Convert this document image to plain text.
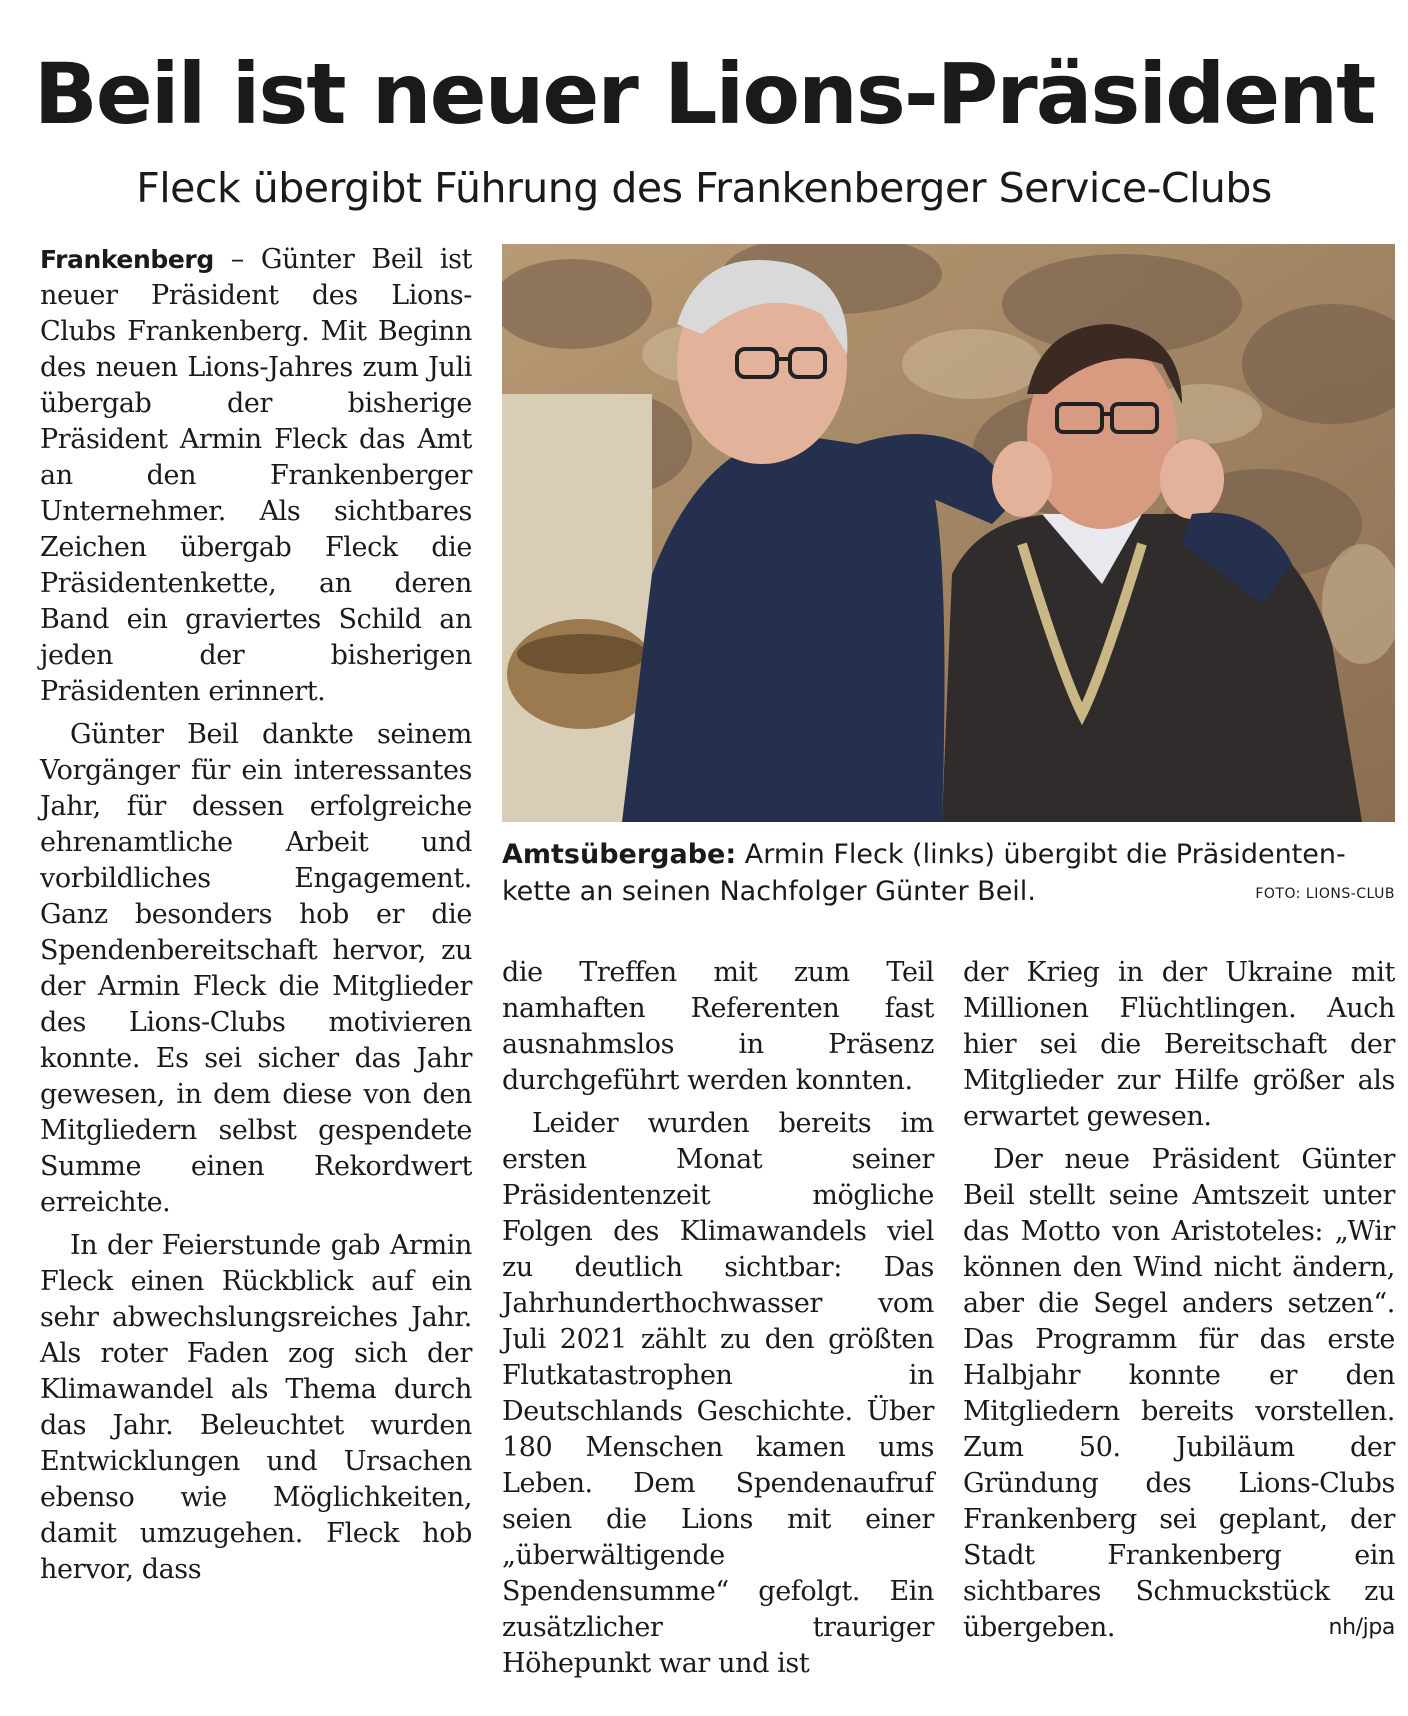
Beil ist neuer Lions-Präsident
Fleck übergibt Führung des Frankenberger Service-Clubs

Frankenberg – Günter Beil ist neuer Präsident des Lions-Clubs Frankenberg. Mit Beginn des neuen Lions-Jahres zum Juli übergab der bisherige Präsident Armin Fleck das Amt an den Frankenberger Unternehmer. Als sichtbares Zeichen übergab Fleck die Präsidentenkette, an deren Band ein graviertes Schild an jeden der bisherigen Präsidenten erinnert.

Günter Beil dankte seinem Vorgänger für ein interessantes Jahr, für dessen erfolgreiche ehrenamtliche Arbeit und vorbildliches Engagement. Ganz besonders hob er die Spendenbereitschaft hervor, zu der Armin Fleck die Mitglieder des Lions-Clubs motivieren konnte. Es sei sicher das Jahr gewesen, in dem diese von den Mitgliedern selbst gespendete Summe einen Rekordwert erreichte.

In der Feierstunde gab Armin Fleck einen Rückblick auf ein sehr abwechslungsreiches Jahr. Als roter Faden zog sich der Klimawandel als Thema durch das Jahr. Beleuchtet wurden Entwicklungen und Ursachen ebenso wie Möglichkeiten, damit umzugehen. Fleck hob hervor, dass

Amtsübergabe: Armin Fleck (links) übergibt die Präsidentenkette an seinen Nachfolger Günter Beil.	FOTO: LIONS-CLUB

die Treffen mit zum Teil namhaften Referenten fast ausnahmslos in Präsenz durchgeführt werden konnten.

Leider wurden bereits im ersten Monat seiner Präsidentenzeit mögliche Folgen des Klimawandels viel zu deutlich sichtbar: Das Jahrhunderthochwasser vom Juli 2021 zählt zu den größten Flutkatastrophen in Deutschlands Geschichte. Über 180 Menschen kamen ums Leben. Dem Spendenaufruf seien die Lions mit einer „überwältigende Spendensumme“ gefolgt. Ein zusätzlicher trauriger Höhepunkt war und ist

der Krieg in der Ukraine mit Millionen Flüchtlingen. Auch hier sei die Bereitschaft der Mitglieder zur Hilfe größer als erwartet gewesen.

Der neue Präsident Günter Beil stellt seine Amtszeit unter das Motto von Aristoteles: „Wir können den Wind nicht ändern, aber die Segel anders setzen“. Das Programm für das erste Halbjahr konnte er den Mitgliedern bereits vorstellen. Zum 50. Jubiläum der Gründung des Lions-Clubs Frankenberg sei geplant, der Stadt Frankenberg ein sichtbares Schmuckstück zu übergeben.	nh/jpa
